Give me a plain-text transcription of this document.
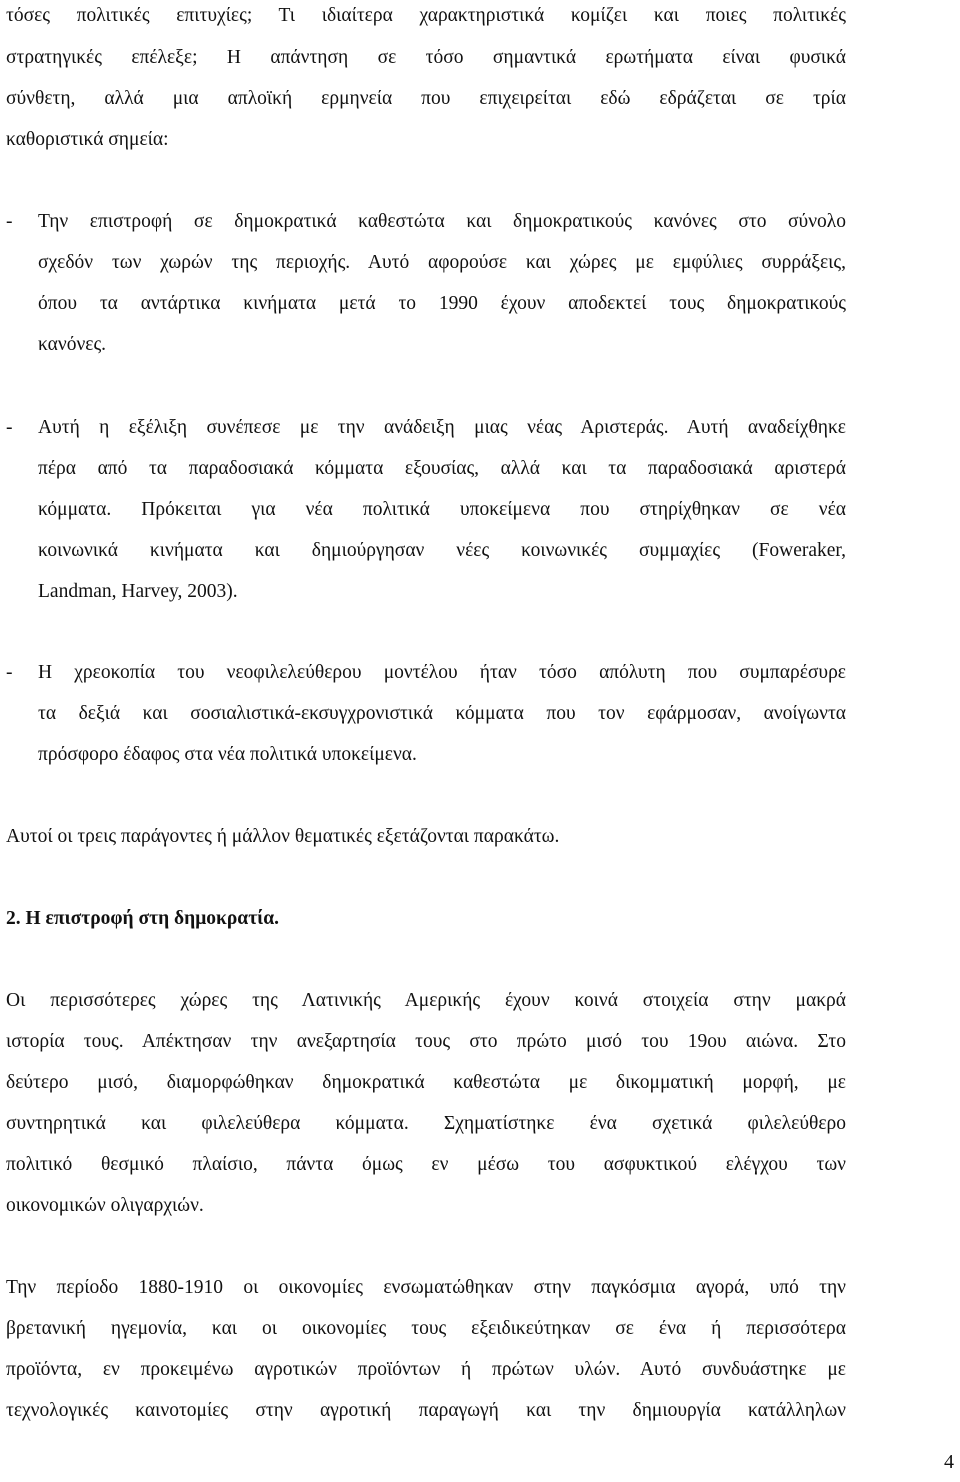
τόσες πολιτικές επιτυχίες; Τι ιδιαίτερα χαρακτηριστικά κομίζει και ποιες πολιτικές
στρατηγικές επέλεξε; Η απάντηση σε τόσο σημαντικά ερωτήματα είναι φυσικά
σύνθετη, αλλά μια απλοϊκή ερμηνεία που επιχειρείται εδώ εδράζεται σε τρία
καθοριστικά σημεία:
- Την επιστροφή σε δημοκρατικά καθεστώτα και δημοκρατικούς κανόνες στο σύνολο
σχεδόν των χωρών της περιοχής. Αυτό αφορούσε και χώρες με εμφύλιες συρράξεις,
όπου τα αντάρτικα κινήματα μετά το 1990 έχουν αποδεκτεί τους δημοκρατικούς
κανόνες.
- Αυτή η εξέλιξη συνέπεσε με την ανάδειξη μιας νέας Αριστεράς. Αυτή αναδείχθηκε
πέρα από τα παραδοσιακά κόμματα εξουσίας, αλλά και τα παραδοσιακά αριστερά
κόμματα. Πρόκειται για νέα πολιτικά υποκείμενα που στηρίχθηκαν σε νέα
κοινωνικά κινήματα και δημιούργησαν νέες κοινωνικές συμμαχίες (Foweraker,
Landman, Harvey, 2003).
- Η χρεοκοπία του νεοφιλελεύθερου μοντέλου ήταν τόσο απόλυτη που συμπαρέσυρε
τα δεξιά και σοσιαλιστικά-εκσυγχρονιστικά κόμματα που τον εφάρμοσαν, ανοίγωντα
πρόσφορο έδαφος στα νέα πολιτικά υποκείμενα.
Αυτοί οι τρεις παράγοντες ή μάλλον θεματικές εξετάζονται παρακάτω.
2. Η επιστροφή στη δημοκρατία.
Οι περισσότερες χώρες της Λατινικής Αμερικής έχουν κοινά στοιχεία στην μακρά
ιστορία τους. Απέκτησαν την ανεξαρτησία τους στο πρώτο μισό του 19ου αιώνα. Στο
δεύτερο μισό, διαμορφώθηκαν δημοκρατικά καθεστώτα με δικομματική μορφή, με
συντηρητικά και φιλελεύθερα κόμματα. Σχηματίστηκε ένα σχετικά φιλελεύθερο
πολιτικό θεσμικό πλαίσιο, πάντα όμως εν μέσω του ασφυκτικού ελέγχου των
οικονομικών ολιγαρχιών.
Την περίοδο 1880-1910 οι οικονομίες ενσωματώθηκαν στην παγκόσμια αγορά, υπό την
βρετανική ηγεμονία, και οι οικονομίες τους εξειδικεύτηκαν σε ένα ή περισσότερα
προϊόντα, εν προκειμένω αγροτικών προϊόντων ή πρώτων υλών. Αυτό συνδυάστηκε με
τεχνολογικές καινοτομίες στην αγροτική παραγωγή και την δημιουργία κατάλληλων
4
